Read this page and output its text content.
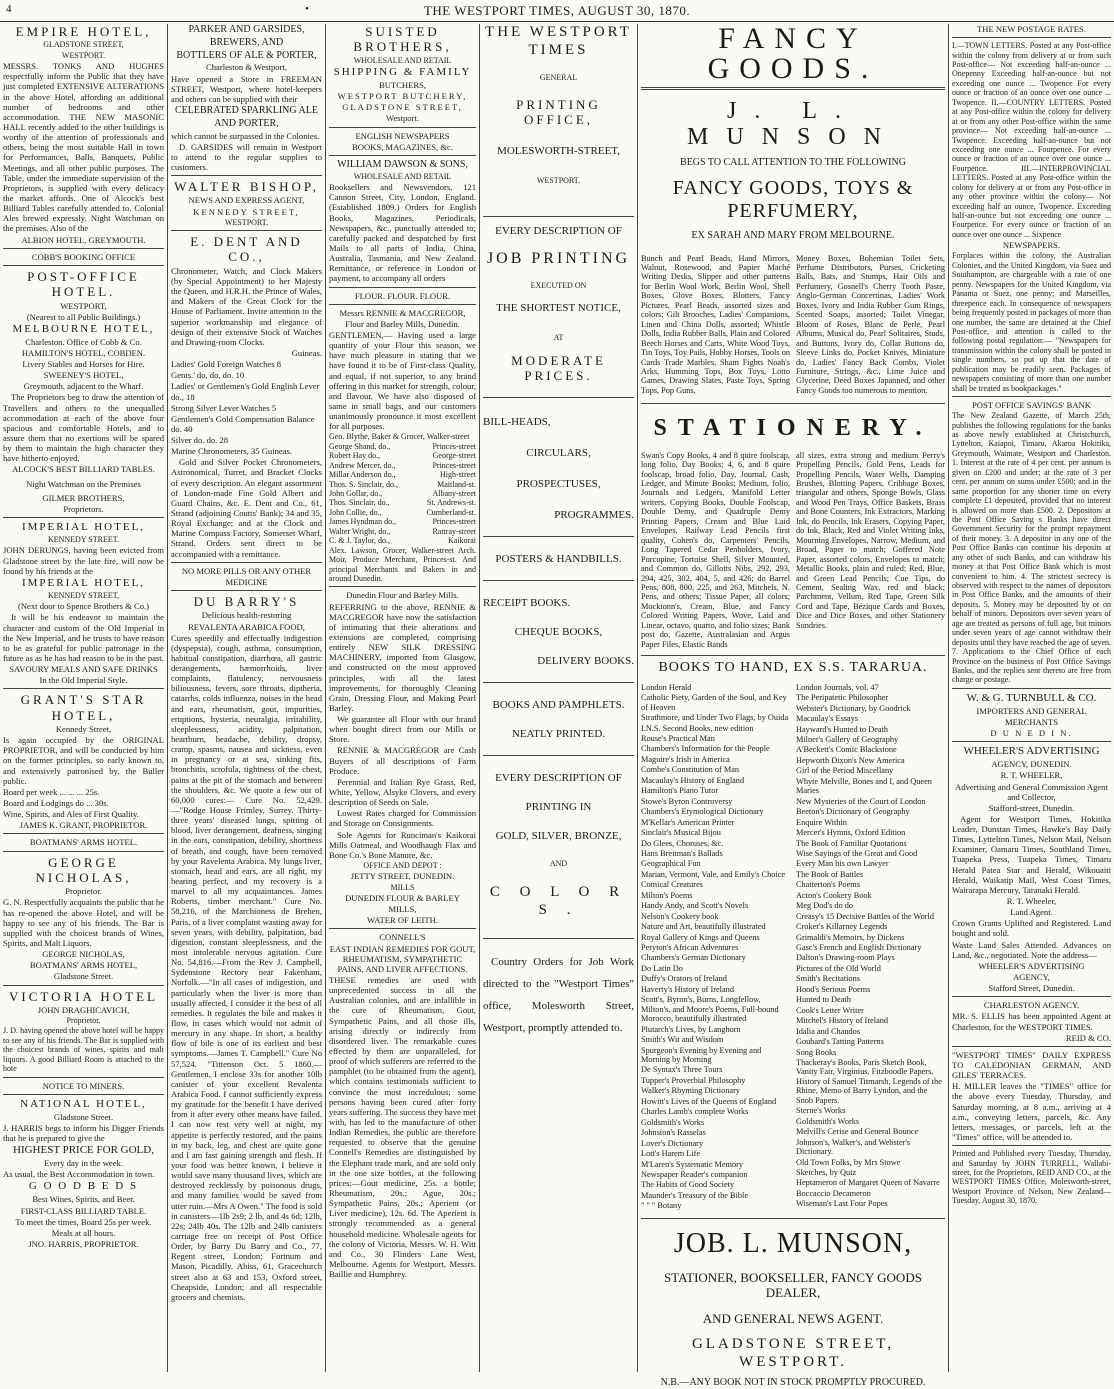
4	•	THE WESTPORT TIMES, AUGUST 30, 1870.

EMPIRE HOTEL,

GLADSTONE STREET,

WESTPORT.

MESSRS. TONKS AND HUGHES respectfully inform the Public that they have just completed EXTENSIVE ALTERATIONS in the above Hotel, affording an additional number of bedrooms and other accommodation. THE NEW MASONIC HALL recently added to the other buildings is worthy of the attention of professionals and others, being the most suitable Hall in town for Performances, Balls, Banquets, Public Meetings, and all other public purposes. The Table, under the immediate supervision of the Proprietors, is supplied with every delicacy the market affords. One of Alcock's best Billiard Tables carefully attended to. Colonial Ales brewed expressly. Night Watchman on the premises. Also of the

ALBION HOTEL, GREYMOUTH.

COBB'S BOOKING OFFICE

POST-OFFICE HOTEL.

WESTPORT,

(Nearest to all Public Buildings.)

MELBOURNE HOTEL,

Charleston. Office of Cobb & Co.

HAMILTON'S HOTEL, COBDEN.

Livery Stables and Horses for Hire.

SWEENEY'S HOTEL,

Greymouth, adjacent to the Wharf.

The Proprietors beg to draw the attention of Travellers and others to the unequalled accommodation at each of the above four spacious and comfortable Hotels, and to assure them that no exertions will be spared by them to maintain the high character they have hitherto enjoyed.

ALCOCK'S BEST BILLIARD TABLES.

Night Watchman on the Premises

GILMER BROTHERS,

Proprietors.

IMPERIAL HOTEL,

KENNEDY STREET.

JOHN DERUNGS, having been evicted from Gladstone street by the late fire, will now be found by his friends at the

IMPERIAL HOTEL,

KENNEDY STREET,

(Next door to Spence Brothers & Co.)

It will be his endeavor to maintain the character and custom of the Old Imperial in the New Imperial, and he trusts to have reason to be as grateful for public patronage in the future as as he has had reason to be in the past.

SAVOURY MEALS AND SAFE DRINKS

In the Old Imperial Style.

GRANT'S STAR HOTEL,

Kennedy Street,

Is again occupied by the ORIGINAL PROPRIETOR, and will be conducted by him on the former principles, so early known to, and extensively patronised by, the Buller public.

Board per week ... ... ... 25s.

Board and Lodgings do ... 30s.

Wine, Spirits, and Ales of First Quality.

JAMES K. GRANT, PROPRIETOR.

BOATMANS' ARMS HOTEL.

GEORGE NICHOLAS,

Proprietor.

G. N. Respectfully acquaints the public that he has re-opened the above Hotel, and will be happy to see any of his friends. The Bar is supplied with the choicest brands of Wines, Spirits, and Malt Liquors.

GEORGE NICHOLAS,

BOATMANS' ARMS HOTEL,

Gladstone Street.

VICTORIA HOTEL

JOHN DRAGHICAVICH,

Proprietor.

J. D. having opened the above hotel will be happy to see any of his friends. The Bar is supplied with the choicest brands of wines, spirits and malt liquors. A good Billiard Room is attached to the hote

NOTICE TO MINERS.

NATIONAL HOTEL,

Gladstone Street.

J. HARRIS begs to inform his Digger Friends that he is prepared to give the

HIGHEST PRICE FOR GOLD,

Every day in the week.

As usual, the Best Accommodation in town.

G O O D B E D S

Best Wines, Spirits, and Beer.

FIRST-CLASS BILLIARD TABLE.

To meet the times, Board 25s per week.

Meals at all hours.

JNO. HARRIS, PROPRIETOR.

PARKER AND GARSIDES,

BREWERS, AND

BOTTLERS OF ALE & PORTER,

Charleston & Westport,

Have opened a Store in FREEMAN STREET, Westport, where hotel-keepers and others can be supplied with their

CELEBRATED SPARKLING ALE

AND PORTER,

which cannot be surpassed in the Colonies.

D. GARSIDES will remain in Westport to attend to the regular supplies to customers.

WALTER BISHOP,

NEWS AND EXPRESS AGENT,

KENNEDY STREET,

WESTPORT.

E. DENT AND CO.,

Chronometer, Watch, and Clock Makers (by Special Appointment) to her Majesty the Queen, and H.R.H. the Prince of Wales, and Makers of the Great Clock for the House of Parliament. Invite attention to the superior workmanship and elegance of design of their extensive Stock of Watches and Drawing-room Clocks.

Guineas.

Ladies' Gold Foreign Watches 8

Gents.' do, do, do. 10

Ladies' or Gentlemen's Gold English Lever do., 18

Strong Silver Lever Watches 5

Gentlemen's Gold Compensation Balance do. 40

Silver do. do. 28

Marine Chronometers, 35 Guineas.

Gold and Silver Pocket Chronometers, Astronomical, Turret, and Bracket Clocks of every description. An elegant assortment of London-made Fine Gold Albert and Guard Chains, &c. E. Dent and Co., 61, Strand (adjoining Coutts' Bank); 34 and 35, Royal Exchange; and at the Clock and Marine Compass Factory, Somerset Wharf, Strand. Orders sent direct to be accompanied with a remittance.

NO MORE PILLS OR ANY OTHER

MEDICINE

DU BARRY'S

Delicious health-restoring

REVALENTA ARABICA FOOD,

Cures speedily and effectually indigestion (dyspepsia), cough, asthma, consumption, habitual constipation, diarrhœa, all gastric derangements, hæmorrhoids, liver complaints, flatulency, nervousness biliousness, fevers, sore throats, diptheria, catarrhs, colds influenza, noises in the head and ears, rheumatism, gout, impurities, eruptions, hysteria, neuralgia, irritability, sleeplessness, acidity, palpitation, heartburn, headache, debility, dropsy, cramp, spasms, nausea and sickness, even in pregnancy or at sea, sinking fits, bronchitis, scrofula, tightness of the chest, pains at the pit of the stomach and between the shoulders, &c. We quote a few out of 60,000 cures:— Cure No. 52,429.—"Rodge House Frimley, Surrey. Thirty-three years' diseased lungs, spitting of blood, liver derangement, deafness, singing in the ears, constipation, debility, shortness of breath, and cough, have been removed by your Ravelenta Arabica. My lungs liver, stomach, head and ears, are all right, my hearing perfect, and my recovery is a marvel to all my acquaintances. James Roberts, timber merchant." Cure No. 58,216, of the Marchioness de Brehen, Paris, of a liver complaint wasting away for seven years, with debility, palpitation, bad digestion, constant sleeplessness, and the most intolerable nervous agitation. Cure No. 54,816.—From the Rev J. Campbell, Sydenstone Rectory near Fakenham, Norfolk.—"In all cases of indigestion, and particularly when the liver is more than usually affected, I consider it the best of all remedies. It regulates the bile and makes it flow, in cases which would not admit of mercury in any shape. In short, a healthy flow of bile is one of its earliest and best symptoms.—James T. Campbell." Cure No 57,524. "Tittenson Oct. 5 1860.—Gentlemen, I enclose 33s for another 10lb canister of your excellent Revalenta Arabica Food. I cannot sufficiently express my gratitude for the benefit I have derived from it after every other means have failed. I can now rest very well at night, my appetite is perfectly restored, and the pains in my back, leg, and chest are quite gone and I am fast gaining strength and flesh. If your food was better known, I believe it would save many thousand lives, which are destroyed recklessly by poisonous drugs, and many families would be saved from utter ruin.—Mrs A Owen." The food is sold in canisters—1lb 2s9; 2 lb, and 4s 6d; 12lb, 22s; 24lb 40s. The 12lb and 24lb canisters carriage free on receipt of Post Office Order, by Barry Du Barry and Co., 77, Regent street, London; Fortnum and Mason, Picadilly. Abiss, 61, Gracechurch street also at 63 and 153, Oxford street, Cheapside, London; and all respectable grocers and chemists.

SUISTED BROTHERS,

WHOLESALE AND RETAIL

SHIPPING & FAMILY

BUTCHERS,

WESTPORT BUTCHERY,

GLADSTONE STREET,

Westport.

ENGLISH NEWSPAPERS

BOOKS, MAGAZINES, &c.

WILLIAM DAWSON & SONS,

WHOLESALE AND RETAIL

Booksellers and Newsvendors, 121 Cannon Street, City, London, England. (Established 1809.) Orders for English Books, Magazines, Periodicals, Newspapers, &c., punctually attended to; carefully packed and despatched by first Mails to all parts of India, China, Australia, Tasmania, and New Zealand. Remittance, or reference in London or payment, to accompany all orders

FLOUR. FLOUR. FLOUR.

Messrs RENNIE & MACGREGOR,

Flour and Barley Mills, Dunedin.

GENTLEMEN,— Having used a large quantity of your Flour this season, we have much pleasure in stating that we have found it to be of First-class Quality, and equal, if not superior, to any brand offering in this market for strength, colour, and flavour. We have also disposed of same in small bags, and our customers unanimously pronounce it most excellent for all purposes.

Geo. Blythe, Baker & Grocer, Walker-street
George Shand, do.,	Princes-street
Robert Hay do.,	George-street
Andrew Mercer, do.,	Princes-street
Millar Anderson do.,	High-street
Thos. S. Sinclair, do.,	Maitland-st.
John Gollar, do.,	Albany-street
Thos. Sinclair, do.,	St. Andrews-st.
John Collie, do.,	Cumberland-st.
James Hyndman do.,	Princes-street
Walter Wright, do.,	Rattray-street
C. & J. Taylor, do.,	Kaikorai

Alex. Lawson, Grocer, Walker-street Arch. Moir, Produce Merchant, Princes-st. And principal Merchants and Bakers in and around Dunedin.

Dunedin Flour and Barley Mills.

REFERRING to the above, RENNIE & MACGREGOR have now the satisfaction of intimating that their alterations and extensions are completed, comprising entirely NEW SILK DRESSING MACHINERY, imported from Glasgow, and constructed on the most approved principles, with all the latest improvements, for thoroughly Cleaning Grain, Dressing Flour, and Making Pearl Barley.

We guarantee all Flour with our brand when bought direct from our Mills or Store.

RENNIE & MACGREGOR are Cash Buyers of all descriptions of Farm Produce.

Perennial and Italian Rye Grass, Red, White, Yellow, Alsyke Clovers, and every description of Seeds on Sale.

Lowest Rates charged for Commission and Storage on Consignments.

Sole Agents for Runciman's Kaikorai Mills Oatmeal, and Woodhaugh Flax and Bone Co.'s Bone Manure, &c.

OFFICE AND DEPOT :

JETTY STREET, DUNEDIN.

MILLS

DUNEDIN FLOUR & BARLEY

MILLS,

WATER OF LEITH.

CONNELL'S

EAST INDIAN REMEDIES FOR GOUT, RHEUMATISM, SYMPATHETIC PAINS, AND LIVER AFFECTIONS.

THESE remedies are used with unprecedented success in all the Australian colonies, and are infallible in the cure of Rheumatism, Gout, Sympathetic Pains, and all those ills, arising directly or indirectly from disordered liver. The remarkable cures effected by them are unparalleled, for proof of which sufferers are referred to the pamphlet (to be obtained from the agent), which contains testimonials sufficient to convince the most incredulous; some persons having been cured after forty years suffering. The success they have met with, has led to the manufacture of other Indian Remedies, the public are therefore requested to observe that the genuine Connell's Remedies are distinguished by the Elephant trade mark, and are sold only in the one size bottles, at the following prices:—Gout medicine, 25s. a bottle; Rheumatism, 20s.; Ague, 20s.; Sympathetic Pains, 20s.; Aperient (or Liver medicine), 12s. 6d. The Aperient is strongly recommended as a general household medicine. Wholesale agents for the colony of Victoria, Messrs. W. H. Witt and Co., 30 Flinders Lane West, Melbourne. Agents for Westport, Messrs. Baillie and Humphrey.

THE WESTPORT TIMES

GENERAL

PRINTING OFFICE,

MOLESWORTH-STREET,

WESTPORT.

EVERY DESCRIPTION OF

JOB PRINTING

EXECUTED ON

THE SHORTEST NOTICE,

AT

MODERATE PRICES.

BILL-HEADS,

CIRCULARS,

PROSPECTUSES,

PROGRAMMES.

POSTERS & HANDBILLS.

RECEIPT BOOKS.

CHEQUE BOOKS,

DELIVERY BOOKS.

BOOKS AND PAMPHLETS.

NEATLY PRINTED.

EVERY DESCRIPTION OF

PRINTING IN

GOLD, SILVER, BRONZE,

AND

C O L O R S .

Country Orders for Job Work directed to the "Westport Times" office, Molesworth Street, Westport, promptly attended to.

FANCY GOODS.

J. L. MUNSON

BEGS TO CALL ATTENTION TO THE FOLLOWING

FANCY GOODS, TOYS & PERFUMERY,

EX SARAH AND MARY FROM MELBOURNE.

Bunch and Pearl Beads, Hand Mirrors, Walnut, Rosewood, and Papier Maché Writing Desks, Slipper and other patterns for Berlin Wool Work, Berlin Wool, Shell Boxes, Glove Boxes, Blotters, Fancy Pictures, Pearl Beads, assorted sizes and colors; Gilt Brooches, Ladies' Companions, Linen and China Dolls, assorted; Whistle Dolls, India Rubber Balls, Plain and Colored Beech Horses and Carts, White Wood Toys, Tin Toys, Toy Pails, Hobby Horses, Tools on Cards Trade Marbles, Sham Fights Noah's Arks, Humming Tops, Box Toys, Lotto Games, Drawing Slates, Paste Toys, Spring Tops, Pop Guns,
Money Boxes, Bohemian Toilet Sets, Perfume Distributors, Purses, Cricketing Balls, Bats, and Stumps, Hair Oils and Perfumery, Gosnell's Cherry Tooth Paste, Anglo-German Concertinas, Ladies' Work Boxes, Ivory and India Rubber Gum Rings, Scented Soaps, assorted; Toilet Vinegar, Bloom of Roses, Blanc de Perle, Pearl Albums, Musical do, Pearl Solitaires, Studs, and Buttons, Ivory do, Collar Buttons do, Sleeve Links do, Pocket Knives, Miniature do, Ladies' Fancy Back Combs, Violet Furniture, Strings, &c., Lime Juice and Glycerine, Deed Boxes Japanned, and other Fancy Goods too numerous to mention.

STATIONERY.

Swan's Copy Books, 4 and 8 quire foolscap, long folio, Day Books; 4, 6, and 8 quire foolscap, broad folio, Day, Journal, Cash, Ledger, and Minute Books; Medium, folio, Journals and Ledgers, Manifold Letter writers, Copying Books, Double Foolscap, Double Demy, and Quadruple Demy Printing Papers, Cream and Blue Laid Envelopes, Railway Lead Pencils first quality, Cohen's do, Carpenters' Pencils, Long Tapered Cedar Penholders, Ivory, Porcupine, Tortoise Shell, Silver Mounted, and Common do, Gillotts Nibs, 292, 293, 294, 425, 302, 404, 5, and 426; do Barrel Pens, 808, 800, 225, and 263, Mitchels, N. Pens, and others; Tissue Paper, all colors; Mocktonn's, Cream, Blue, and Fancy Colored Writing Papers, Wove, Laid and Linear, octavo, quarto, and folio sizes; Bank post do, Gazette, Australasian and Argus Paper Files, Elastic Bands
all sizes, extra strong and medium Perry's Propelling Pencils, Gold Pens, Leads for Propelling Pencils, Water Wells, Damping Brushes, Blotting Papers, Cribbage Boxes, triangular and others, Sponge Bowls, Glass and Wood Pen Trays, Office Baskets, Brass and Bone Counters, Ink Extractors, Marking Ink, do Pencils, Ink Erasers, Copying Paper, do Ink, Black, Red and Violet Writing Inks, Mourning Envelopes, Narrow, Medium, and Broad, Paper to match; Goffered Note Paper, assorted colors, Envelopes to match; Metallic Books, plain and ruled; Red, Blue, and Green Lead Pencils; Cue Tips, do Cement, Sealing Wax, red and black; Parchment, Vellum, Red Tape, Green Silk Cord and Tape, Bézique Cards and Boxes, Dice and Dice Boxes, and other Stationery Sundries.

BOOKS TO HAND, EX S.S. TARARUA.

London Herald

Catholic Piety, Garden of the Soul, and Key of Heaven

Strathmore, and Under Two Flags, by Ouida

I.N.S. Second Books, new edition

Rouse's Practical Man

Chambers's Information for the People

Maguire's Irish in America

Combe's Constitution of Man

Macaulay's History of England

Hamilton's Piano Tutor

Stowe's Byron Controversy

Chambers's Etymological Dictionary

M'Kellar's American Printer

Sinclair's Musical Bijou

Do Glees, Choruses, &c.

Hans Breitman's Ballads

Geographical Fun

Marian, Vermont, Vale, and Emily's Choice

Comical Creatures

Milton's Poems

Handy Andy, and Scott's Novels

Nelson's Cookery book

Nature and Art, beautifully illustrated

Royal Gallery of Kings and Queens

Peryton's African Adventures

Chambers's German Dictionary

Do Latin Do

Duffy's Orators of Ireland

Haverty's History of Ireland

Scott's, Byron's, Burns, Longfellow, Milton's, and Moore's Poems, Full-bound Morocco, beautifully illustrated

Plutarch's Lives, by Langhorn

Smith's Wit and Wisdom

Spurgeon's Evening by Evening and Morning by Morning

De Syntax's Three Tours

Tupper's Proverbial Philosophy

Walker's Rhyming Dictionary

Howitt's Lives of the Queens of England

Charles Lamb's complete Works

Goldsmith's Works

Johnston's Rasselas

Lover's Dictionary

Lott's Harem Life

M'Laren's Systematic Memory

Newspaper Reader's companion

The Habits of Good Society

Maunder's Treasury of the Bible

" " " Botany

London Journals, vol. 47

The Peripatetic Philosopher

Webster's Dictionary, by Goodrick

Macaulay's Essays

Hayward's Hunted to Death

Milner's Gallery of Geography

A'Beckett's Comic Blackstone

Hepworth Dixon's New America

Girl of the Period Miscellany

Whyte Melville, Bones and I, and Queen Maries

New Mysteries of the Court of London

Beeton's Dictionary of Geography

Enquire Within

Mercer's Hymns, Oxford Edition

The Book of Familiar Quotations

Wise Sayings of the Great and Good

Every Man his own Lawyer

The Book of Battles

Chatterton's Poems

Acton's Cookery Book

Meg Dod's do do

Creasy's 15 Decisive Battles of the World

Croker's Killarney Legends

Grimaldi's Memoirs, by Dickens

Gasc's French and English Dictionary

Dalton's Drawing-room Plays

Pictures of the Old World

Smith's Recitations

Hood's Serious Poems

Hunted to Death

Cook's Letter Writer

Mitchel's History of Ireland

Idalia and Chandos

Goubard's Tatting Patterns

Song Books

Thackeray's Books, Paris Sketch Book, Vanity Fair, Virginius, Fitzboodle Papers, History of Samuel Titmarsh, Legends of the Rhine, Memo of Barry Lyndon, and the Snob Papers.

Sterne's Works

Goldsmith's Works

Melvill's Cerise and General Bounce

Johnson's, Walker's, and Webster's Dictionary.

Old Town Folks, by Mrs Stowe

Sketches, by Quiz

Heptameron of Margaret Queen of Navarre

Boccaccio Decameron

Wiseman's Last Four Popes

JOB. L. MUNSON,

STATIONER, BOOKSELLER, FANCY GOODS DEALER,

AND GENERAL NEWS AGENT.

GLADSTONE STREET, WESTPORT.

N.B.—ANY BOOK NOT IN STOCK PROMPTLY PROCURED.

THE NEW POSTAGE RATES.

I.—TOWN LETTERS. Posted at any Post-office within the colony from delivery at or from such Post-office— Not exceeding half-an-ounce ... Onepenny Exceeding half-an-ounce but not exceeding one ounce ... Twopence For every ounce or fraction of an ounce over one ounce ... Twopence. II.—COUNTRY LETTERS. Posted at any Post-office within the colony for delivery at or from any other Post-office within the same province— Not exceeding half-an-ounce ... Twopence. Exceeding half-an-ounce but not exceeding one ounce ... Fourpence. For every ounce or fraction of an ounce over one ounce ... Fourpence. III.—INTERPROVINCIAL LETTERS. Posted at any Post-office within the colony for delivery at or from any Post-office in any other province within the colony— Not exceeding half an ounce, Twopence. Exceeding half-an-ounce but not exceeding one ounce ... Fourpence. For every ounce or fraction of an ounce over one ounce ... Sixpence

NEWSPAPERS.

Forplaces within the colony, the Australian Colonies, and the United Kingdom, via Suez and Southampton, are chargeable with a rate of one penny. Newspapers for the United Kingdom, via Panama or Suez, one penny; and Marseilles, threepence each. In consequence of newspapers being frequently posted in packages of more than one number, the same are detained at the Chief Post-office, and attention is called to the following postal regulation:— "Newspapers for transmission within the colony shall be posted in single numbers, so put up that the date of publication may be readily seen. Packages of newspapers consisting of more than one number shall be treated as bookpackages."

POST OFFICE SAVINGS' BANK

The New Zealand Gazette, of March 25th, publishes the following regulations for the banks as above newly established at Christchurch, Lyttelton, Kaiapoi, Timaru, Akaroa Hokitika, Greymouth, Waimate, Westport and Charleston. 1. Interest at the rate of 4 per cent. per annum is given on £200 and under; at the rate of 3 per cent. per annum on sums under £500; and in the same proportion for any shorter time on every complete £1 deposited, provided that no interest is allowed on more than £500. 2. Depositors at the Post Office Saving s Banks have direct Government Security for the prompt repayment of their money. 3. A depositor in any one of the Post Office Banks can continue his deposits at any other of such Banks, and can withdraw his money at that Post Office Bank which is most convenient to him. 4. The strictest secrecy is observed with respect to the names of depositors in Post Office Banks, and the amounts of their deposits. 5. Money may be deposited by or on behalf of minors. Depositors over seven years of age are treated as persons of full age, but minors under seven years of age cannot withdraw their deposits until they have reached the age of seven. 7. Applications to the Chief Office of each Province on the business of Post Office Savings Banks, and the replies sent thereto are free from charge or postage.

W. & G. TURNBULL & CO.

IMPORTERS AND GENERAL

MERCHANTS

D U N E D I N.

WHEELER'S ADVERTISING

AGENCY, DUNEDIN.

R. T. WHEELER,

Advertising and General Commission Agent and Collector,

Stafford-street, Dunedin.

Agent for Westport Times, Hokitika Leader, Dunstan Times, Hawke's Bay Daily Times, Lyttelton Times, Nelson Mail, Nelson Examiner, Oamaru Times, Southland Times, Tuapeka Press, Tuapeka Times, Timaru Herald Patea Star and Herald, Wikouaiti Herald, Waikatip Mail, West Coast Times, Wairarapa Mercury, Taranaki Herald.

R. T. Wheeler,

Land Agent.

Crown Grants Uplifted and Registered. Land bought and sold.

Waste Land Sales Attended. Advances on Land, &c., negotiated. Note the address—

WHEELER'S ADVERTISING

AGENCY,

Stafford Street, Dunedin.

CHARLESTON AGENCY.

MR. S. ELLIS has been appointed Agent at Charleston, for the WESTPORT TIMES.

REID & CO.

"WESTPORT TIMES" DAILY EXPRESS TO CALEDONIAN GERMAN, AND GILES' TERRACES.

H. MILLER leaves the "TIMES" office for the above every Tuesday, Thursday, and Saturday morning, at 8 a.m., arriving at 4 a.m., conveying letters, parcels, &c. Any letters, messages, or parcels, left at the "Times" office, will be attended to.

Printed and Published every Tuesday, Thursday, and Saturday by JOHN TURRELL, Wallabi-street, for the Proprietors, REID AND CO., at the WESTPORT TIMES Office, Molesworth-street, Westport Province of Nelson, New Zealand—Tuesday, August 30, 1870.
